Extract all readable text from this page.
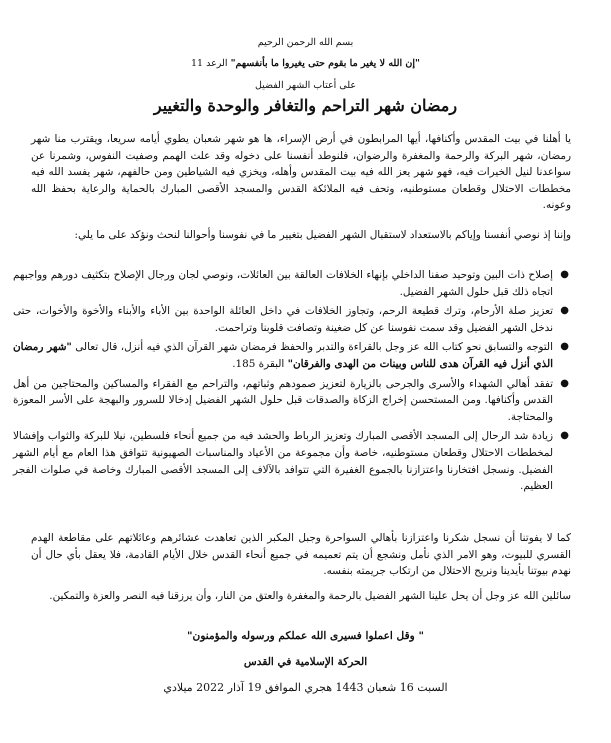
بسم الله الرحمن الرحيم
"إن الله لا يغير ما بقوم حتى يغيروا ما بأنفسهم" الرعد 11
على أعتاب الشهر الفضيل
رمضان شهر التراحم والتغافر والوحدة والتغيير
يا أهلنا في بيت المقدس وأكنافها، أيها المرابطون في أرض الإسراء، ها هو شهر شعبان يطوي أيامه سريعا، ويقترب منا شهر رمضان، شهر البركة والرحمة والمغفرة والرضوان، فلنوطد أنفسنا على دخوله وقد علت الهمم وصفيت النفوس، وشمرنا عن سواعدنا لنيل الخيرات فيه، فهو شهر يعز الله فيه بيت المقدس وأهله، ويخزي فيه الشياطين ومن حالفهم، شهر يفسد الله فيه مخططات الاحتلال وقطعان مستوطنيه، وتحف فيه الملائكة القدس والمسجد الأقصى المبارك بالحماية والرعاية بحفظ الله وعونه.
وإننا إذ نوصي أنفسنا وإياكم بالاستعداد لاستقبال الشهر الفضيل بتغيير ما في نفوسنا وأحوالنا لنحث ونؤكد على ما يلي:
●
إصلاح ذات البين وتوحيد صفنا الداخلي بإنهاء الخلافات العالقة بين العائلات، ونوصي لجان ورجال الإصلاح بتكثيف دورهم وواجبهم اتجاه ذلك قبل حلول الشهر الفضيل.
●
تعزيز صلة الأرحام، وترك قطيعة الرحم، وتجاوز الخلافات في داخل العائلة الواحدة بين الأباء والأبناء والأخوة والأخوات، حتى ندخل الشهر الفضيل وقد سمت نفوسنا عن كل ضغينة وتصافت قلوبنا وتراحمت.
●
التوجه والتسابق نحو كتاب الله عز وجل بالقراءة والتدبر والحفظ فرمضان شهر القرآن الذي فيه أنزل، قال تعالى "شهر رمضان الذي أنزل فيه القرآن هدى للناس وبينات من الهدى والفرقان" البقرة 185.
●
تفقد أهالي الشهداء والأسرى والجرحى بالزيارة لتعزيز صمودهم وثباتهم، والتراحم مع الفقراء والمساكين والمحتاجين من أهل القدس وأكنافها. ومن المستحسن إخراج الزكاة والصدقات قبل حلول الشهر الفضيل إدخالا للسرور والبهجة على الأسر المعوزة والمحتاجة.
●
زيادة شد الرحال إلى المسجد الأقصى المبارك وتعزيز الرباط والحشد فيه من جميع أنحاء فلسطين، نيلا للبركة والثواب وإفشالا لمخططات الاحتلال وقطعان مستوطنيه، خاصة وأن مجموعة من الأعياد والمناسبات الصهيونية تتوافق هذا العام مع أيام الشهر الفضيل. ونسجل افتخارنا واعتزازنا بالجموع الغفيرة التي تتوافد بالآلاف إلى المسجد الأقصى المبارك وخاصة في صلوات الفجر العظيم.
كما لا يفوتنا أن نسجل شكرنا واعتزازنا بأهالي السواحرة وجبل المكبر الذين تعاهدت عشائرهم وعائلاتهم على مقاطعة الهدم القسري للبيوت، وهو الامر الذي نأمل ونشجع أن يتم تعميمه في جميع أنحاء القدس خلال الأيام القادمة، فلا يعقل بأي حال أن نهدم بيوتنا بأيدينا ونريح الاحتلال من ارتكاب جريمته بنفسه.
سائلين الله عز وجل أن يحل علينا الشهر الفضيل بالرحمة والمغفرة والعتق من النار، وأن يرزقنا فيه النصر والعزة والتمكين.
" وقل اعملوا فسيرى الله عملكم ورسوله والمؤمنون"
الحركة الإسلامية في القدس
السبت 16 شعبان 1443 هجري الموافق 19 آذار 2022 ميلادي
